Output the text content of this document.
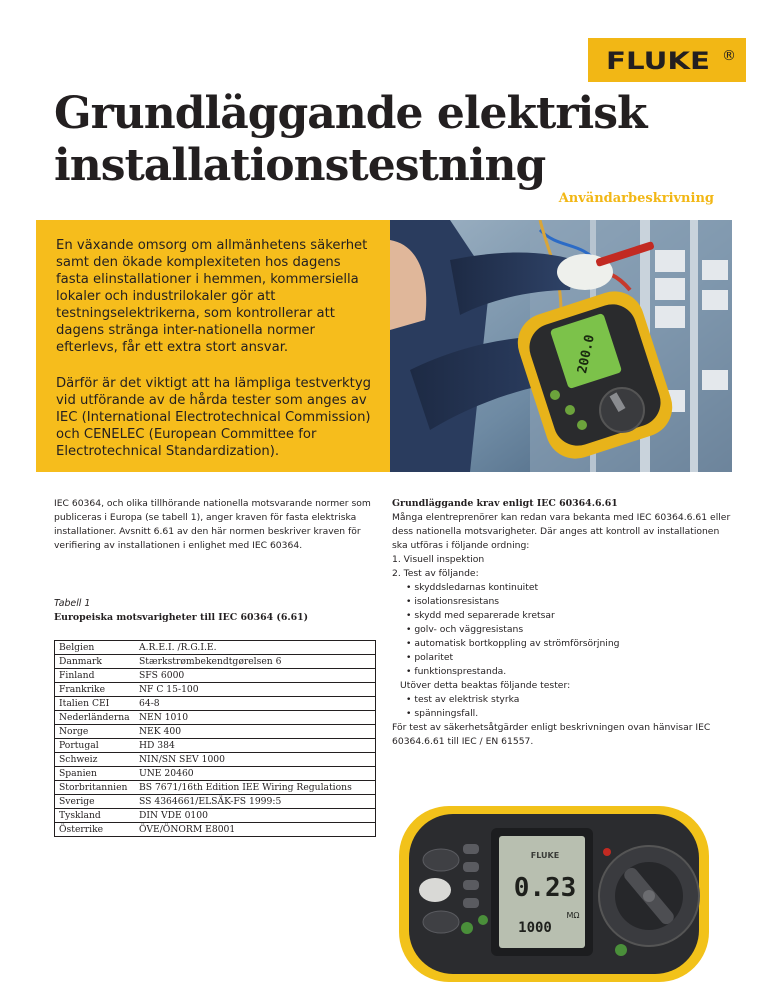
FLUKE ®
Grundläggande elektrisk
installationstestning
Användarbeskrivning

En växande omsorg om allmänhetens säkerhet samt den ökade komplexiteten hos dagens fasta elinstallationer i hemmen, kommersiella lokaler och industrilokaler gör att testningselektrikerna, som kontrollerar att dagens stränga inter-nationella normer efterlevs, får ett extra stort ansvar.

Därför är det viktigt att ha lämpliga testverktyg vid utförande av de hårda tester som anges av IEC (International Electrotechnical Commission) och CENELEC (European Committee for Electrotechnical Standardization).

200.0

IEC 60364, och olika tillhörande nationella motsvarande normer som publiceras i Europa (se tabell 1), anger kraven för fasta elektriska installationer. Avsnitt 6.61 av den här normen beskriver kraven för verifiering av installationen i enlighet med IEC 60364.

Tabell 1
Europeiska motsvarigheter till IEC 60364 (6.61)
Belgien	A.R.E.I. /R.G.I.E.
Danmark	Stærkstrømbekendtgørelsen 6
Finland	SFS 6000
Frankrike	NF C 15-100
Italien CEI	64-8
Nederländerna	NEN 1010
Norge	NEK 400
Portugal	HD 384
Schweiz	NIN/SN SEV 1000
Spanien	UNE 20460
Storbritannien	BS 7671/16th Edition IEE Wiring Regulations
Sverige	SS 4364661/ELSÄK-FS 1999:5
Tyskland	DIN VDE 0100
Österrike	ÖVE/ÖNORM E8001
Grundläggande krav enligt IEC 60364.6.61
Många elentreprenörer kan redan vara bekanta med IEC 60364.6.61 eller dess nationella motsvarigheter. Där anges att kontroll av installationen ska utföras i följande ordning:
1. Visuell inspektion
2. Test av följande:
• skyddsledarnas kontinuitet
• isolationsresistans
• skydd med separerade kretsar
• golv- och väggresistans
• automatisk bortkoppling av strömförsörjning
• polaritet
• funktionsprestanda.
Utöver detta beaktas följande tester:
• test av elektrisk styrka
• spänningsfall.
För test av säkerhetsåtgärder enligt beskrivningen ovan hänvisar IEC 60364.6.61 till IEC / EN 61557.
FLUKE
0.23
1000
MΩ
